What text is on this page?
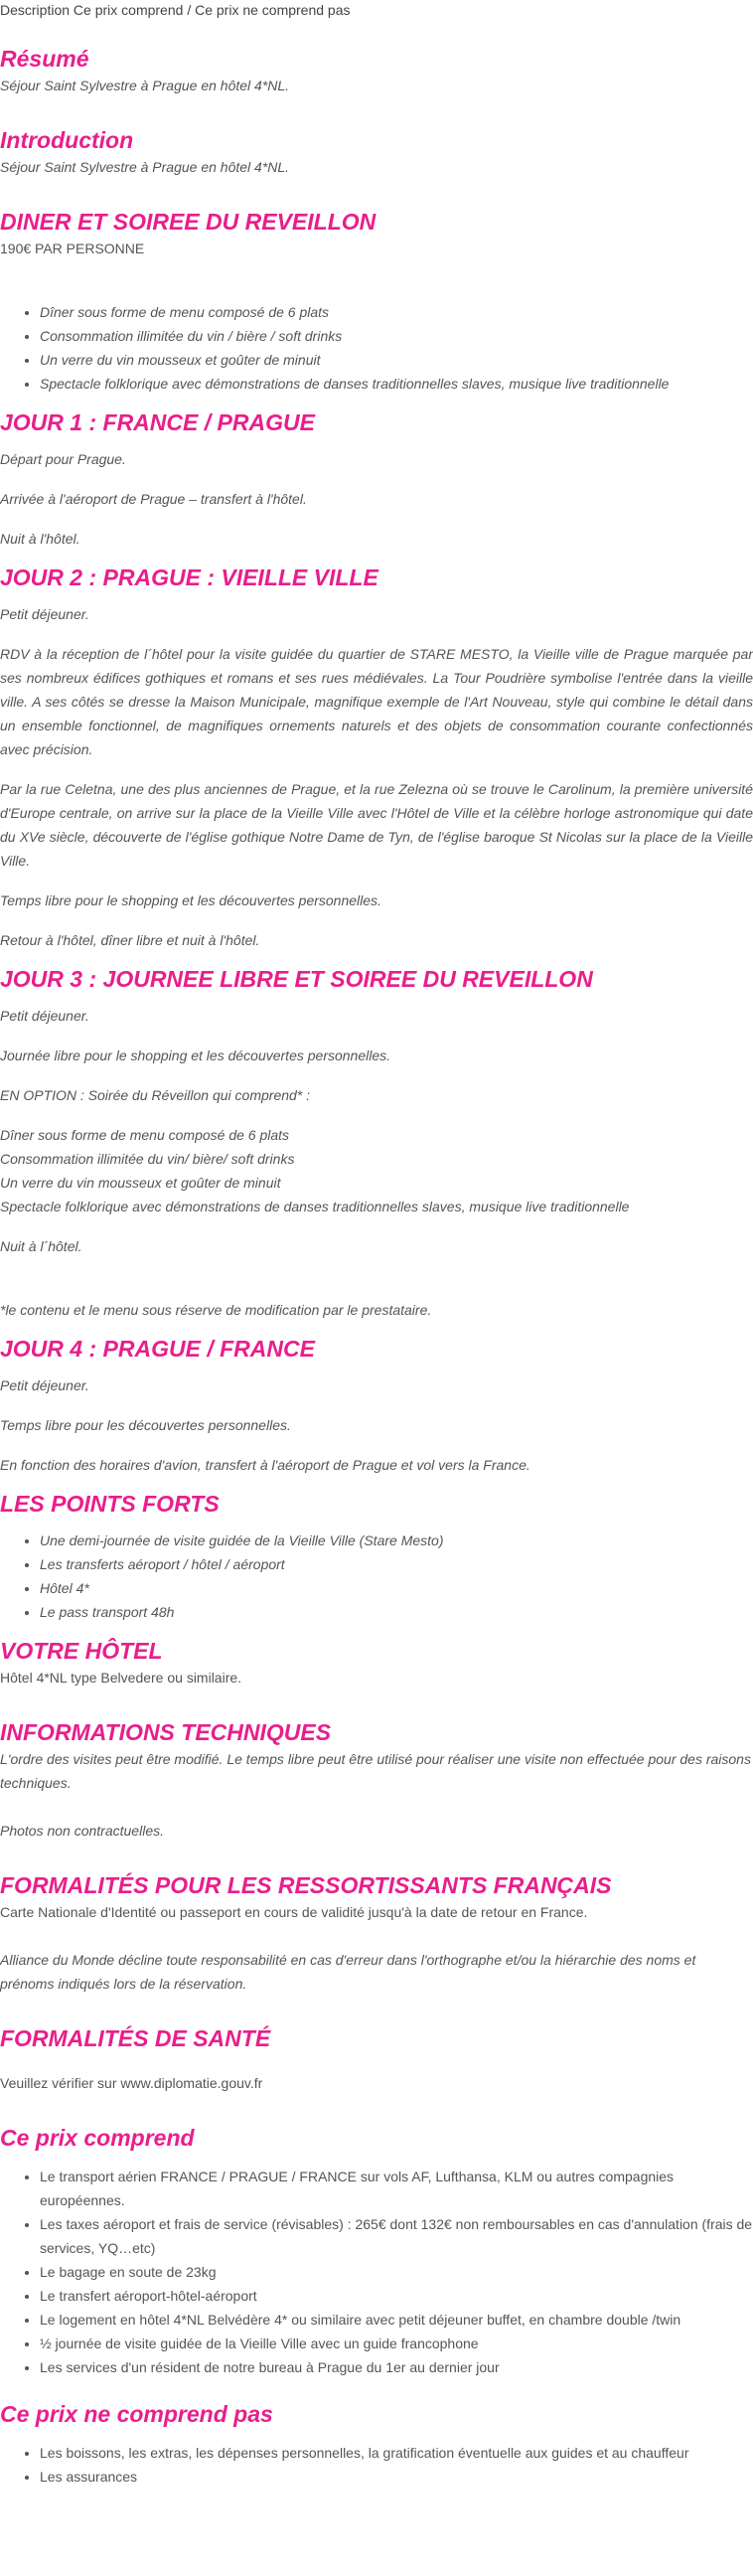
Description Ce prix comprend / Ce prix ne comprend pas
Résumé

Séjour Saint Sylvestre à Prague en hôtel 4*NL.

Introduction

Séjour Saint Sylvestre à Prague en hôtel 4*NL.

DINER ET SOIREE DU REVEILLON

190€ PAR PERSONNE

• Dîner sous forme de menu composé de 6 plats
• Consommation illimitée du vin / bière / soft drinks
• Un verre du vin mousseux et goûter de minuit
• Spectacle folklorique avec démonstrations de danses traditionnelles slaves, musique live traditionnelle
JOUR 1 : FRANCE / PRAGUE

Départ pour Prague.

Arrivée à l'aéroport de Prague – transfert à l'hôtel.

Nuit à l'hôtel.

JOUR 2 : PRAGUE : VIEILLE VILLE

Petit déjeuner.

RDV à la réception de l´hôtel pour la visite guidée du quartier de STARE MESTO, la Vieille ville de Prague marquée par ses nombreux édifices gothiques et romans et ses rues médiévales. La Tour Poudrière symbolise l'entrée dans la vieille ville. A ses côtés se dresse la Maison Municipale, magnifique exemple de l'Art Nouveau, style qui combine le détail dans un ensemble fonctionnel, de magnifiques ornements naturels et des objets de consommation courante confectionnés avec précision.

Par la rue Celetna, une des plus anciennes de Prague, et la rue Zelezna où se trouve le Carolinum, la première université d'Europe centrale, on arrive sur la place de la Vieille Ville avec l'Hôtel de Ville et la célèbre horloge astronomique qui date du XVe siècle, découverte de l'église gothique Notre Dame de Tyn, de l'église baroque St Nicolas sur la place de la Vieille Ville.

Temps libre pour le shopping et les découvertes personnelles.

Retour à l'hôtel, dîner libre et nuit à l'hôtel.

JOUR 3 : JOURNEE LIBRE ET SOIREE DU REVEILLON

Petit déjeuner.

Journée libre pour le shopping et les découvertes personnelles.

EN OPTION : Soirée du Réveillon qui comprend* :

Dîner sous forme de menu composé de 6 plats

Consommation illimitée du vin/ bière/ soft drinks

Un verre du vin mousseux et goûter de minuit

Spectacle folklorique avec démonstrations de danses traditionnelles slaves, musique live traditionnelle

Nuit à l´hôtel.

*le contenu et le menu sous réserve de modification par le prestataire.

JOUR 4 : PRAGUE / FRANCE

Petit déjeuner.

Temps libre pour les découvertes personnelles.

En fonction des horaires d'avion, transfert à l'aéroport de Prague et vol vers la France.

LES POINTS FORTS
• Une demi-journée de visite guidée de la Vieille Ville (Stare Mesto)
• Les transferts aéroport / hôtel / aéroport
• Hôtel 4*
• Le pass transport 48h
VOTRE HÔTEL

Hôtel 4*NL type Belvedere ou similaire.

INFORMATIONS TECHNIQUES

L'ordre des visites peut être modifié. Le temps libre peut être utilisé pour réaliser une visite non effectuée pour des raisons techniques.

Photos non contractuelles.

FORMALITÉS POUR LES RESSORTISSANTS FRANÇAIS

Carte Nationale d'Identité ou passeport en cours de validité jusqu'à la date de retour en France.

Alliance du Monde décline toute responsabilité en cas d'erreur dans l'orthographe et/ou la hiérarchie des noms et prénoms indiqués lors de la réservation.

FORMALITÉS DE SANTÉ

Veuillez vérifier sur www.diplomatie.gouv.fr

Ce prix comprend
• Le transport aérien FRANCE / PRAGUE / FRANCE sur vols AF, Lufthansa, KLM ou autres compagnies européennes.
• Les taxes aéroport et frais de service (révisables) : 265€ dont 132€ non remboursables en cas d'annulation (frais de services, YQ…etc)
• Le bagage en soute de 23kg
• Le transfert aéroport-hôtel-aéroport
• Le logement en hôtel 4*NL Belvédère 4* ou similaire avec petit déjeuner buffet, en chambre double /twin
• ½ journée de visite guidée de la Vieille Ville avec un guide francophone
• Les services d'un résident de notre bureau à Prague du 1er au dernier jour
Ce prix ne comprend pas
• Les boissons, les extras, les dépenses personnelles, la gratification éventuelle aux guides et au chauffeur
• Les assurances
